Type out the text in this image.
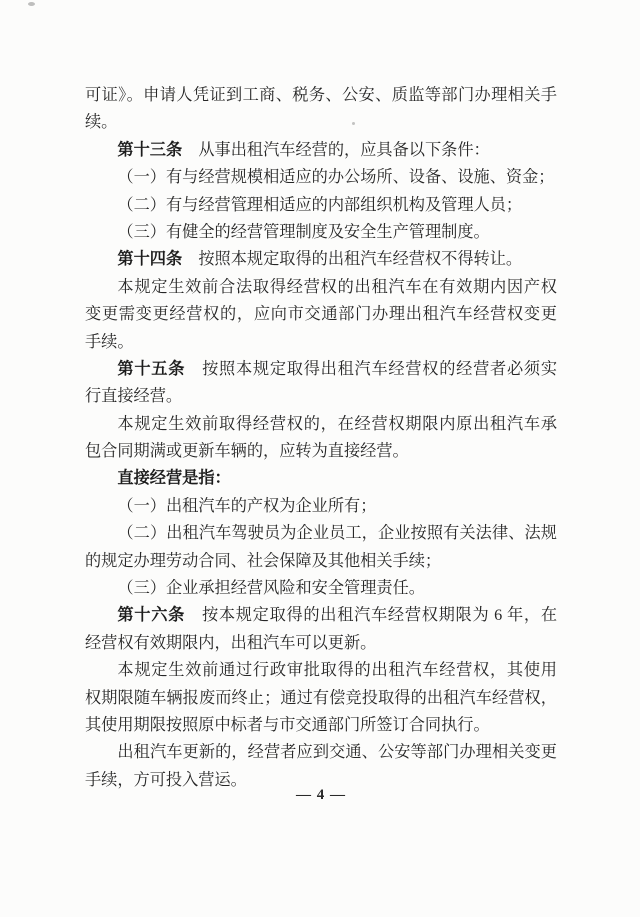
可证》。申请人凭证到工商、税务、公安、质监等部门办理相关手
续。
第十三条　从事出租汽车经营的，应具备以下条件：
（一）有与经营规模相适应的办公场所、设备、设施、资金；
（二）有与经营管理相适应的内部组织机构及管理人员；
（三）有健全的经营管理制度及安全生产管理制度。
第十四条　按照本规定取得的出租汽车经营权不得转让。
本规定生效前合法取得经营权的出租汽车在有效期内因产权
变更需变更经营权的，应向市交通部门办理出租汽车经营权变更
手续。
第十五条　按照本规定取得出租汽车经营权的经营者必须实
行直接经营。
本规定生效前取得经营权的，在经营权期限内原出租汽车承
包合同期满或更新车辆的，应转为直接经营。
直接经营是指：
（一）出租汽车的产权为企业所有；
（二）出租汽车驾驶员为企业员工，企业按照有关法律、法规
的规定办理劳动合同、社会保障及其他相关手续；
（三）企业承担经营风险和安全管理责任。
第十六条　按本规定取得的出租汽车经营权期限为 6 年，在
经营权有效期限内，出租汽车可以更新。
本规定生效前通过行政审批取得的出租汽车经营权，其使用
权期限随车辆报废而终止；通过有偿竞投取得的出租汽车经营权，
其使用期限按照原中标者与市交通部门所签订合同执行。
出租汽车更新的，经营者应到交通、公安等部门办理相关变更
手续，方可投入营运。
— 4 —
